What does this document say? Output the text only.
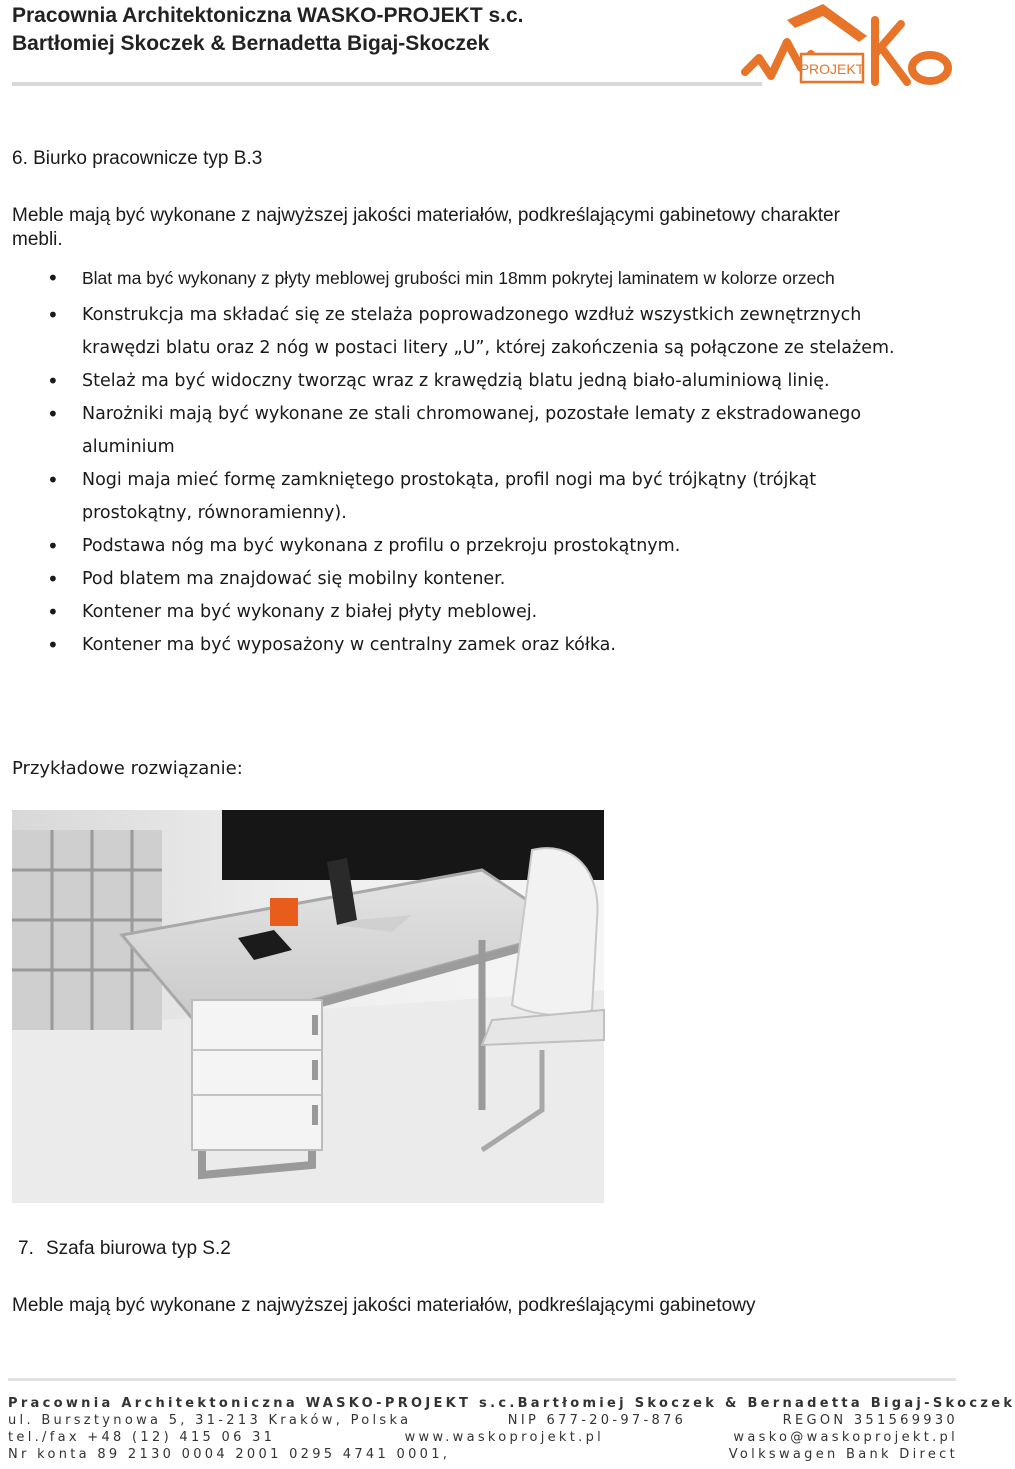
Pracownia Architektoniczna WASKO-PROJEKT s.c.
Bartłomiej Skoczek & Bernadetta Bigaj-Skoczek
PROJEKT
6. Biurko pracownicze typ B.3
Meble mają być wykonane z najwyższej jakości materiałów, podkreślającymi gabinetowy charakter mebli.
• Blat ma być wykonany z płyty meblowej grubości min 18mm pokrytej laminatem w kolorze orzech
• Konstrukcja ma składać się ze stelaża poprowadzonego wzdłuż wszystkich zewnętrznych krawędzi blatu oraz 2 nóg w postaci litery „U”, której zakończenia są połączone ze stelażem.
• Stelaż ma być widoczny tworząc wraz z krawędzią blatu jedną biało-aluminiową linię.
• Narożniki mają być wykonane ze stali chromowanej, pozostałe lematy z ekstradowanego aluminium
• Nogi maja mieć formę zamkniętego prostokąta, profil nogi ma być trójkątny (trójkąt prostokątny, równoramienny).
• Podstawa nóg ma być wykonana z profilu o przekroju prostokątnym.
• Pod blatem ma znajdować się mobilny kontener.
• Kontener ma być wykonany z białej płyty meblowej.
• Kontener ma być wyposażony w centralny zamek oraz kółka.
Przykładowe rozwiązanie:
7. Szafa biurowa typ S.2
Meble mają być wykonane z najwyższej jakości materiałów, podkreślającymi gabinetowy
Pracownia Architektoniczna WASKO-PROJEKT s.c. Bartłomiej Skoczek & Bernadetta Bigaj-Skoczek
ul. Bursztynowa 5, 31-213 Kraków, Polska	NIP 677-20-97-876	REGON 351569930
tel./fax +48 (12) 415 06 31	www.waskoprojekt.pl	wasko@waskoprojekt.pl
Nr konta 89 2130 0004 2001 0295 4741 0001,	Volkswagen Bank Direct
